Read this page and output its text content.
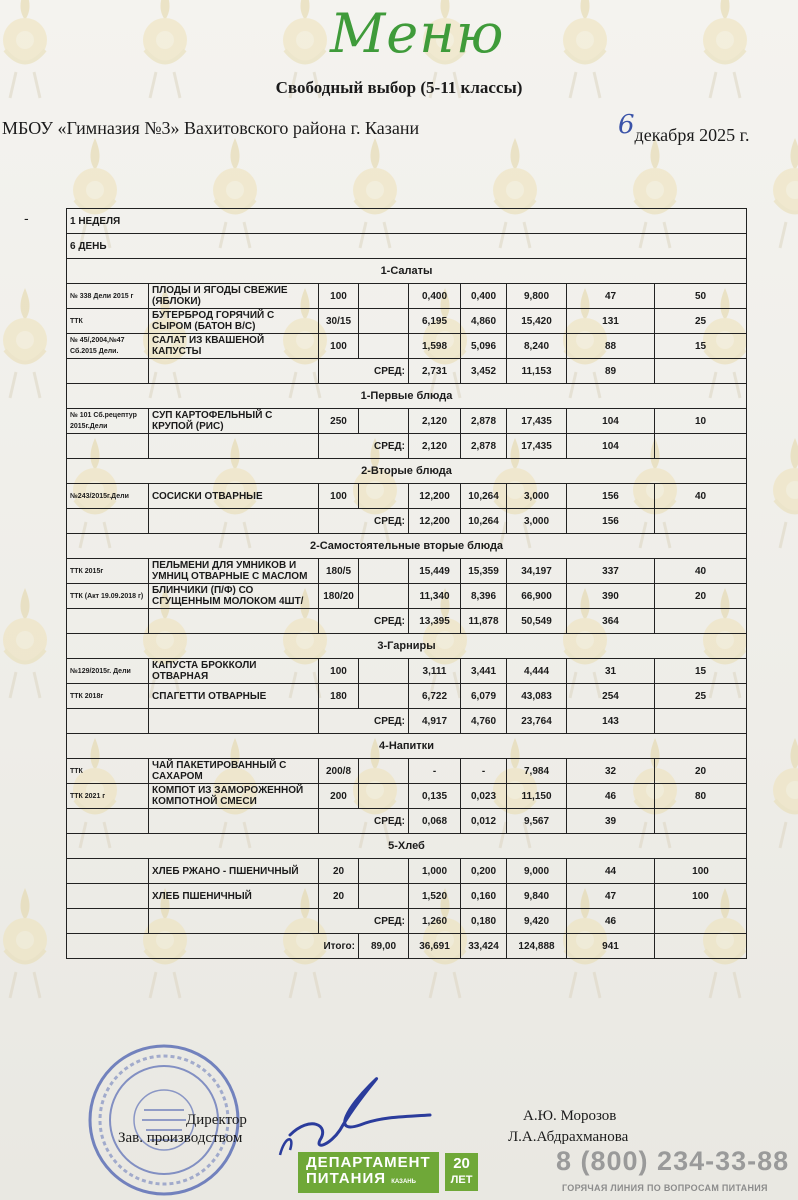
Меню
Свободный выбор (5-11 классы)
МБОУ «Гимназия №3» Вахитовского района г. Казани	6декабря 2025 г.
-	1 НЕДЕЛЯ								
6 ДЕНЬ								
1-Салаты								
№ 338 Дели 2015 г	ПЛОДЫ И ЯГОДЫ СВЕЖИЕ (ЯБЛОКИ)	100		0,400	0,400	9,800	47	50
ТТК	БУТЕРБРОД ГОРЯЧИЙ С СЫРОМ (БАТОН В/С)	30/15		6,195	4,860	15,420	131	25
№ 45/,2004,№47 Сб.2015 Дели.	САЛАТ ИЗ КВАШЕНОЙ КАПУСТЫ	100		1,598	5,096	8,240	88	15
		СРЕД:		2,731	3,452	11,153	89	
1-Первые блюда								
№ 101 Сб.рецептур 2015г.Дели	СУП КАРТОФЕЛЬНЫЙ С КРУПОЙ (РИС)	250		2,120	2,878	17,435	104	10
		СРЕД:		2,120	2,878	17,435	104	
2-Вторые блюда								
№243/2015г.Дели	СОСИСКИ ОТВАРНЫЕ	100		12,200	10,264	3,000	156	40
		СРЕД:		12,200	10,264	3,000	156	
2-Самостоятельные вторые блюда								
ТТК 2015г	ПЕЛЬМЕНИ ДЛЯ УМНИКОВ И УМНИЦ ОТВАРНЫЕ С МАСЛОМ	180/5		15,449	15,359	34,197	337	40
ТТК (Акт 19.09.2018 г)	БЛИНЧИКИ (П/Ф) СО СГУЩЕННЫМ МОЛОКОМ 4ШТ/	180/20		11,340	8,396	66,900	390	20
		СРЕД:		13,395	11,878	50,549	364	
3-Гарниры								
№129/2015г. Дели	КАПУСТА БРОККОЛИ ОТВАРНАЯ	100		3,111	3,441	4,444	31	15
ТТК 2018г	СПАГЕТТИ ОТВАРНЫЕ	180		6,722	6,079	43,083	254	25
		СРЕД:		4,917	4,760	23,764	143	
4-Напитки								
ТТК	ЧАЙ ПАКЕТИРОВАННЫЙ С САХАРОМ	200/8		-	-	7,984	32	20
ТТК 2021 г	КОМПОТ ИЗ ЗАМОРОЖЕННОЙ КОМПОТНОЙ СМЕСИ	200		0,135	0,023	11,150	46	80
		СРЕД:		0,068	0,012	9,567	39	
5-Хлеб								
	ХЛЕБ РЖАНО - ПШЕНИЧНЫЙ	20		1,000	0,200	9,000	44	100
	ХЛЕБ ПШЕНИЧНЫЙ	20		1,520	0,160	9,840	47	100
		СРЕД:		1,260	0,180	9,420	46	
Итого:			89,00	36,691	33,424	124,888	941	
Директор
Зав. производством
А.Ю. Морозов
Л.А.Абдрахманова
ДЕПАРТАМЕНТ
ПИТАНИЯ КАЗАНЬ
20
ЛЕТ
8 (800) 234-33-88
ГОРЯЧАЯ ЛИНИЯ ПО ВОПРОСАМ ПИТАНИЯ
